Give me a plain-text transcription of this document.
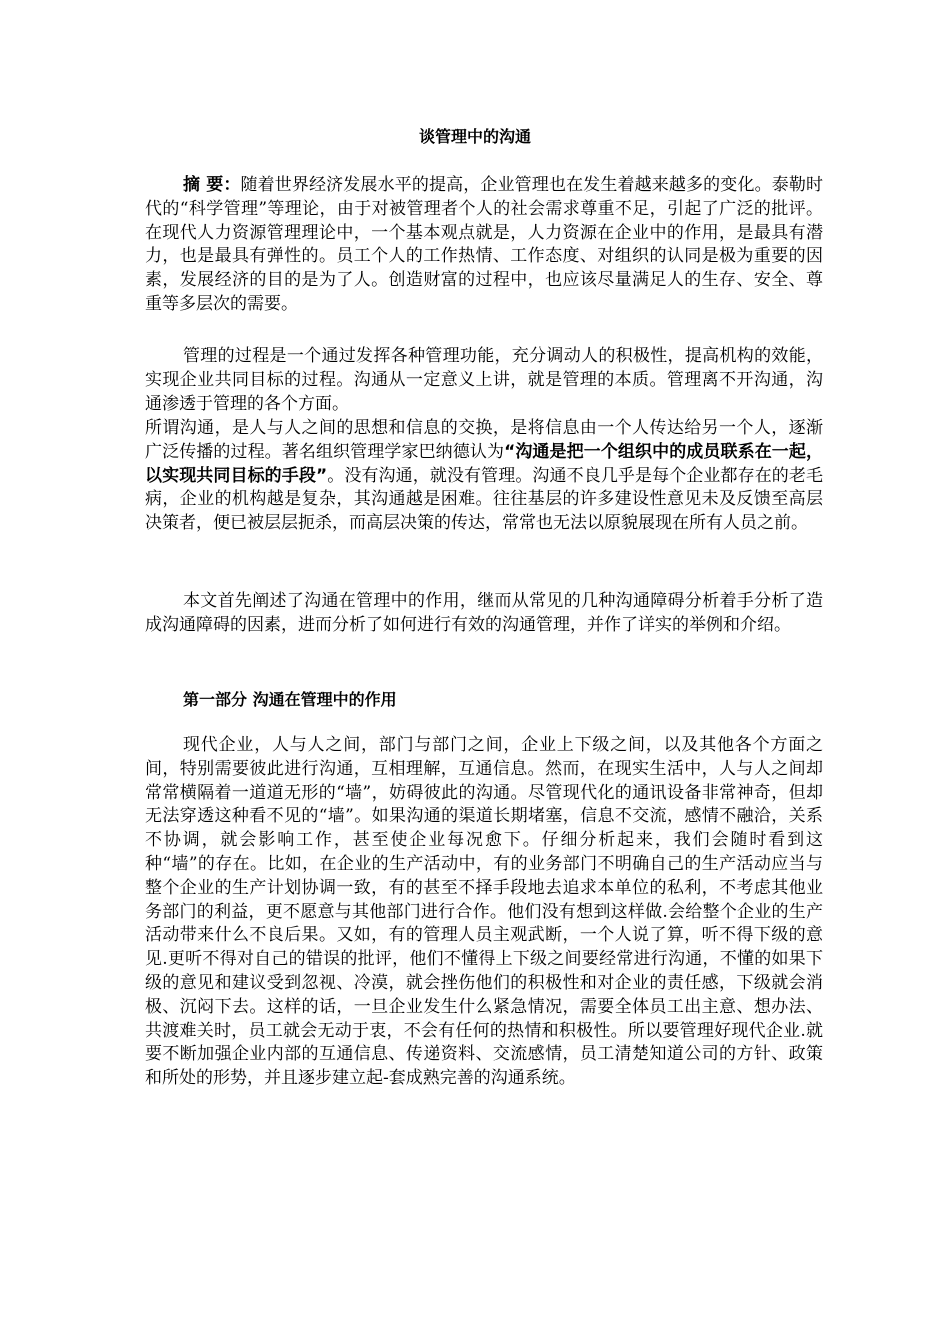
谈管理中的沟通

摘 要：随着世界经济发展水平的提高，企业管理也在发生着越来越多的变化。泰勒时代的“科学管理”等理论，由于对被管理者个人的社会需求尊重不足，引起了广泛的批评。在现代人力资源管理理论中，一个基本观点就是，人力资源在企业中的作用，是最具有潜力，也是最具有弹性的。员工个人的工作热情、工作态度、对组织的认同是极为重要的因素，发展经济的目的是为了人。创造财富的过程中，也应该尽量满足人的生存、安全、尊重等多层次的需要。

管理的过程是一个通过发挥各种管理功能，充分调动人的积极性，提高机构的效能，实现企业共同目标的过程。沟通从一定意义上讲，就是管理的本质。管理离不开沟通，沟通渗透于管理的各个方面。

所谓沟通，是人与人之间的思想和信息的交换，是将信息由一个人传达给另一个人，逐渐广泛传播的过程。著名组织管理学家巴纳德认为“沟通是把一个组织中的成员联系在一起，以实现共同目标的手段”。没有沟通，就没有管理。沟通不良几乎是每个企业都存在的老毛病，企业的机构越是复杂，其沟通越是困难。往往基层的许多建设性意见未及反馈至高层决策者，便已被层层扼杀，而高层决策的传达，常常也无法以原貌展现在所有人员之前。

本文首先阐述了沟通在管理中的作用，继而从常见的几种沟通障碍分析着手分析了造成沟通障碍的因素，进而分析了如何进行有效的沟通管理，并作了详实的举例和介绍。

第一部分 沟通在管理中的作用

现代企业，人与人之间，部门与部门之间，企业上下级之间，以及其他各个方面之间，特别需要彼此进行沟通，互相理解，互通信息。然而，在现实生活中，人与人之间却常常横隔着一道道无形的“墙”，妨碍彼此的沟通。尽管现代化的通讯设备非常神奇，但却无法穿透这种看不见的“墙”。如果沟通的渠道长期堵塞，信息不交流，感情不融洽，关系不协调，就会影响工作，甚至使企业每况愈下。仔细分析起来，我们会随时看到这种“墙”的存在。比如，在企业的生产活动中，有的业务部门不明确自己的生产活动应当与整个企业的生产计划协调一致，有的甚至不择手段地去追求本单位的私利，不考虑其他业务部门的利益，更不愿意与其他部门进行合作。他们没有想到这样做.会给整个企业的生产活动带来什么不良后果。又如，有的管理人员主观武断，一个人说了算，听不得下级的意见.更听不得对自己的错误的批评，他们不懂得上下级之间要经常进行沟通，不懂的如果下级的意见和建议受到忽视、冷漠，就会挫伤他们的积极性和对企业的责任感，下级就会消极、沉闷下去。这样的话，一旦企业发生什么紧急情况，需要全体员工出主意、想办法、共渡难关时，员工就会无动于衷，不会有任何的热情和积极性。所以要管理好现代企业.就要不断加强企业内部的互通信息、传递资料、交流感情，员工清楚知道公司的方针、政策和所处的形势，并且逐步建立起-套成熟完善的沟通系统。
